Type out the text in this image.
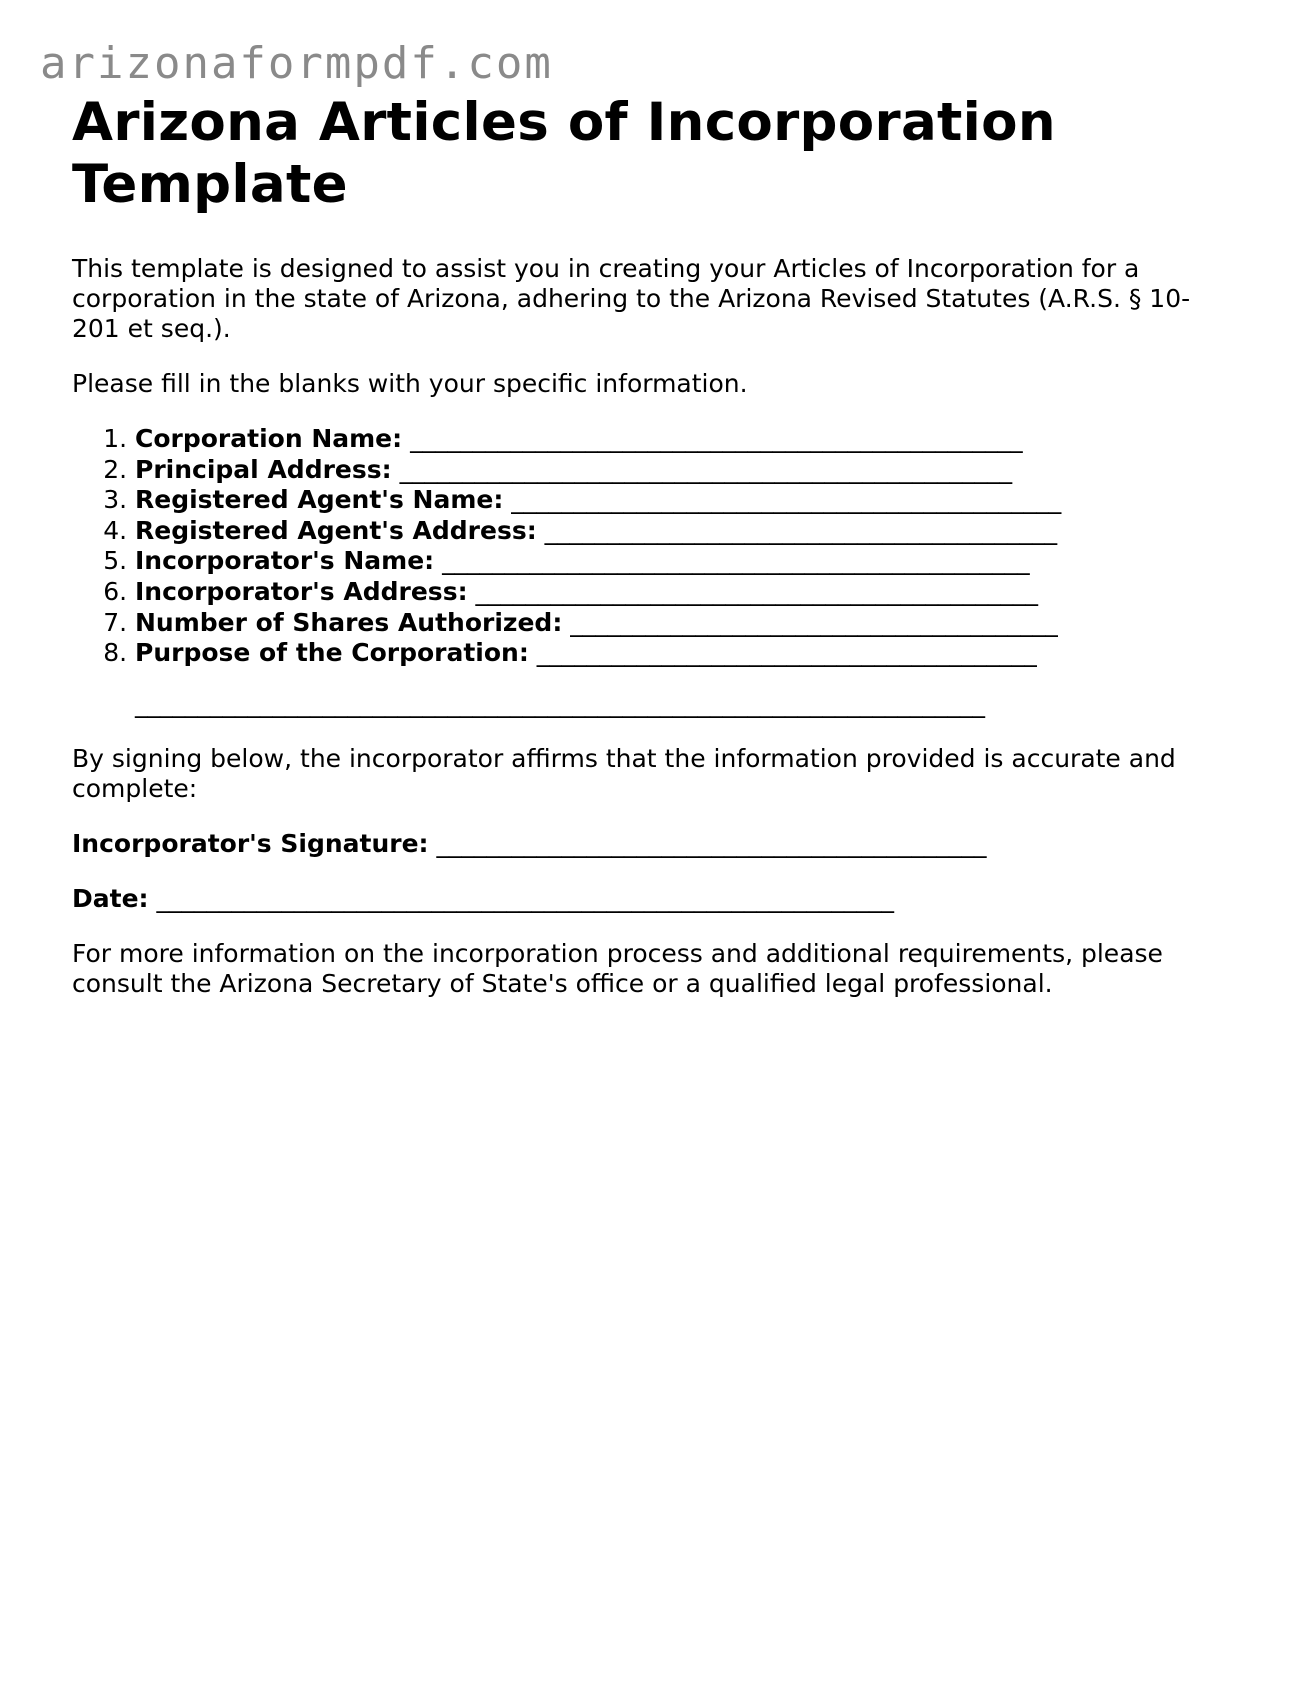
arizonaformpdf.com
Arizona Articles of Incorporation Template

This template is designed to assist you in creating your Articles of Incorporation for a corporation in the state of Arizona, adhering to the Arizona Revised Statutes (A.R.S. § 10-201 et seq.).

Please fill in the blanks with your specific information.

1. Corporation Name: _________________________________________________
2. Principal Address: _________________________________________________
3. Registered Agent's Name: ____________________________________________
4. Registered Agent's Address: _________________________________________
5. Incorporator's Name: _______________________________________________
6. Incorporator's Address: _____________________________________________
7. Number of Shares Authorized: _______________________________________
8. Purpose of the Corporation: ________________________________________
____________________________________________________________________

By signing below, the incorporator affirms that the information provided is accurate and complete:

Incorporator's Signature: ____________________________________________
Date: ___________________________________________________________

For more information on the incorporation process and additional requirements, please consult the Arizona Secretary of State's office or a qualified legal professional.
